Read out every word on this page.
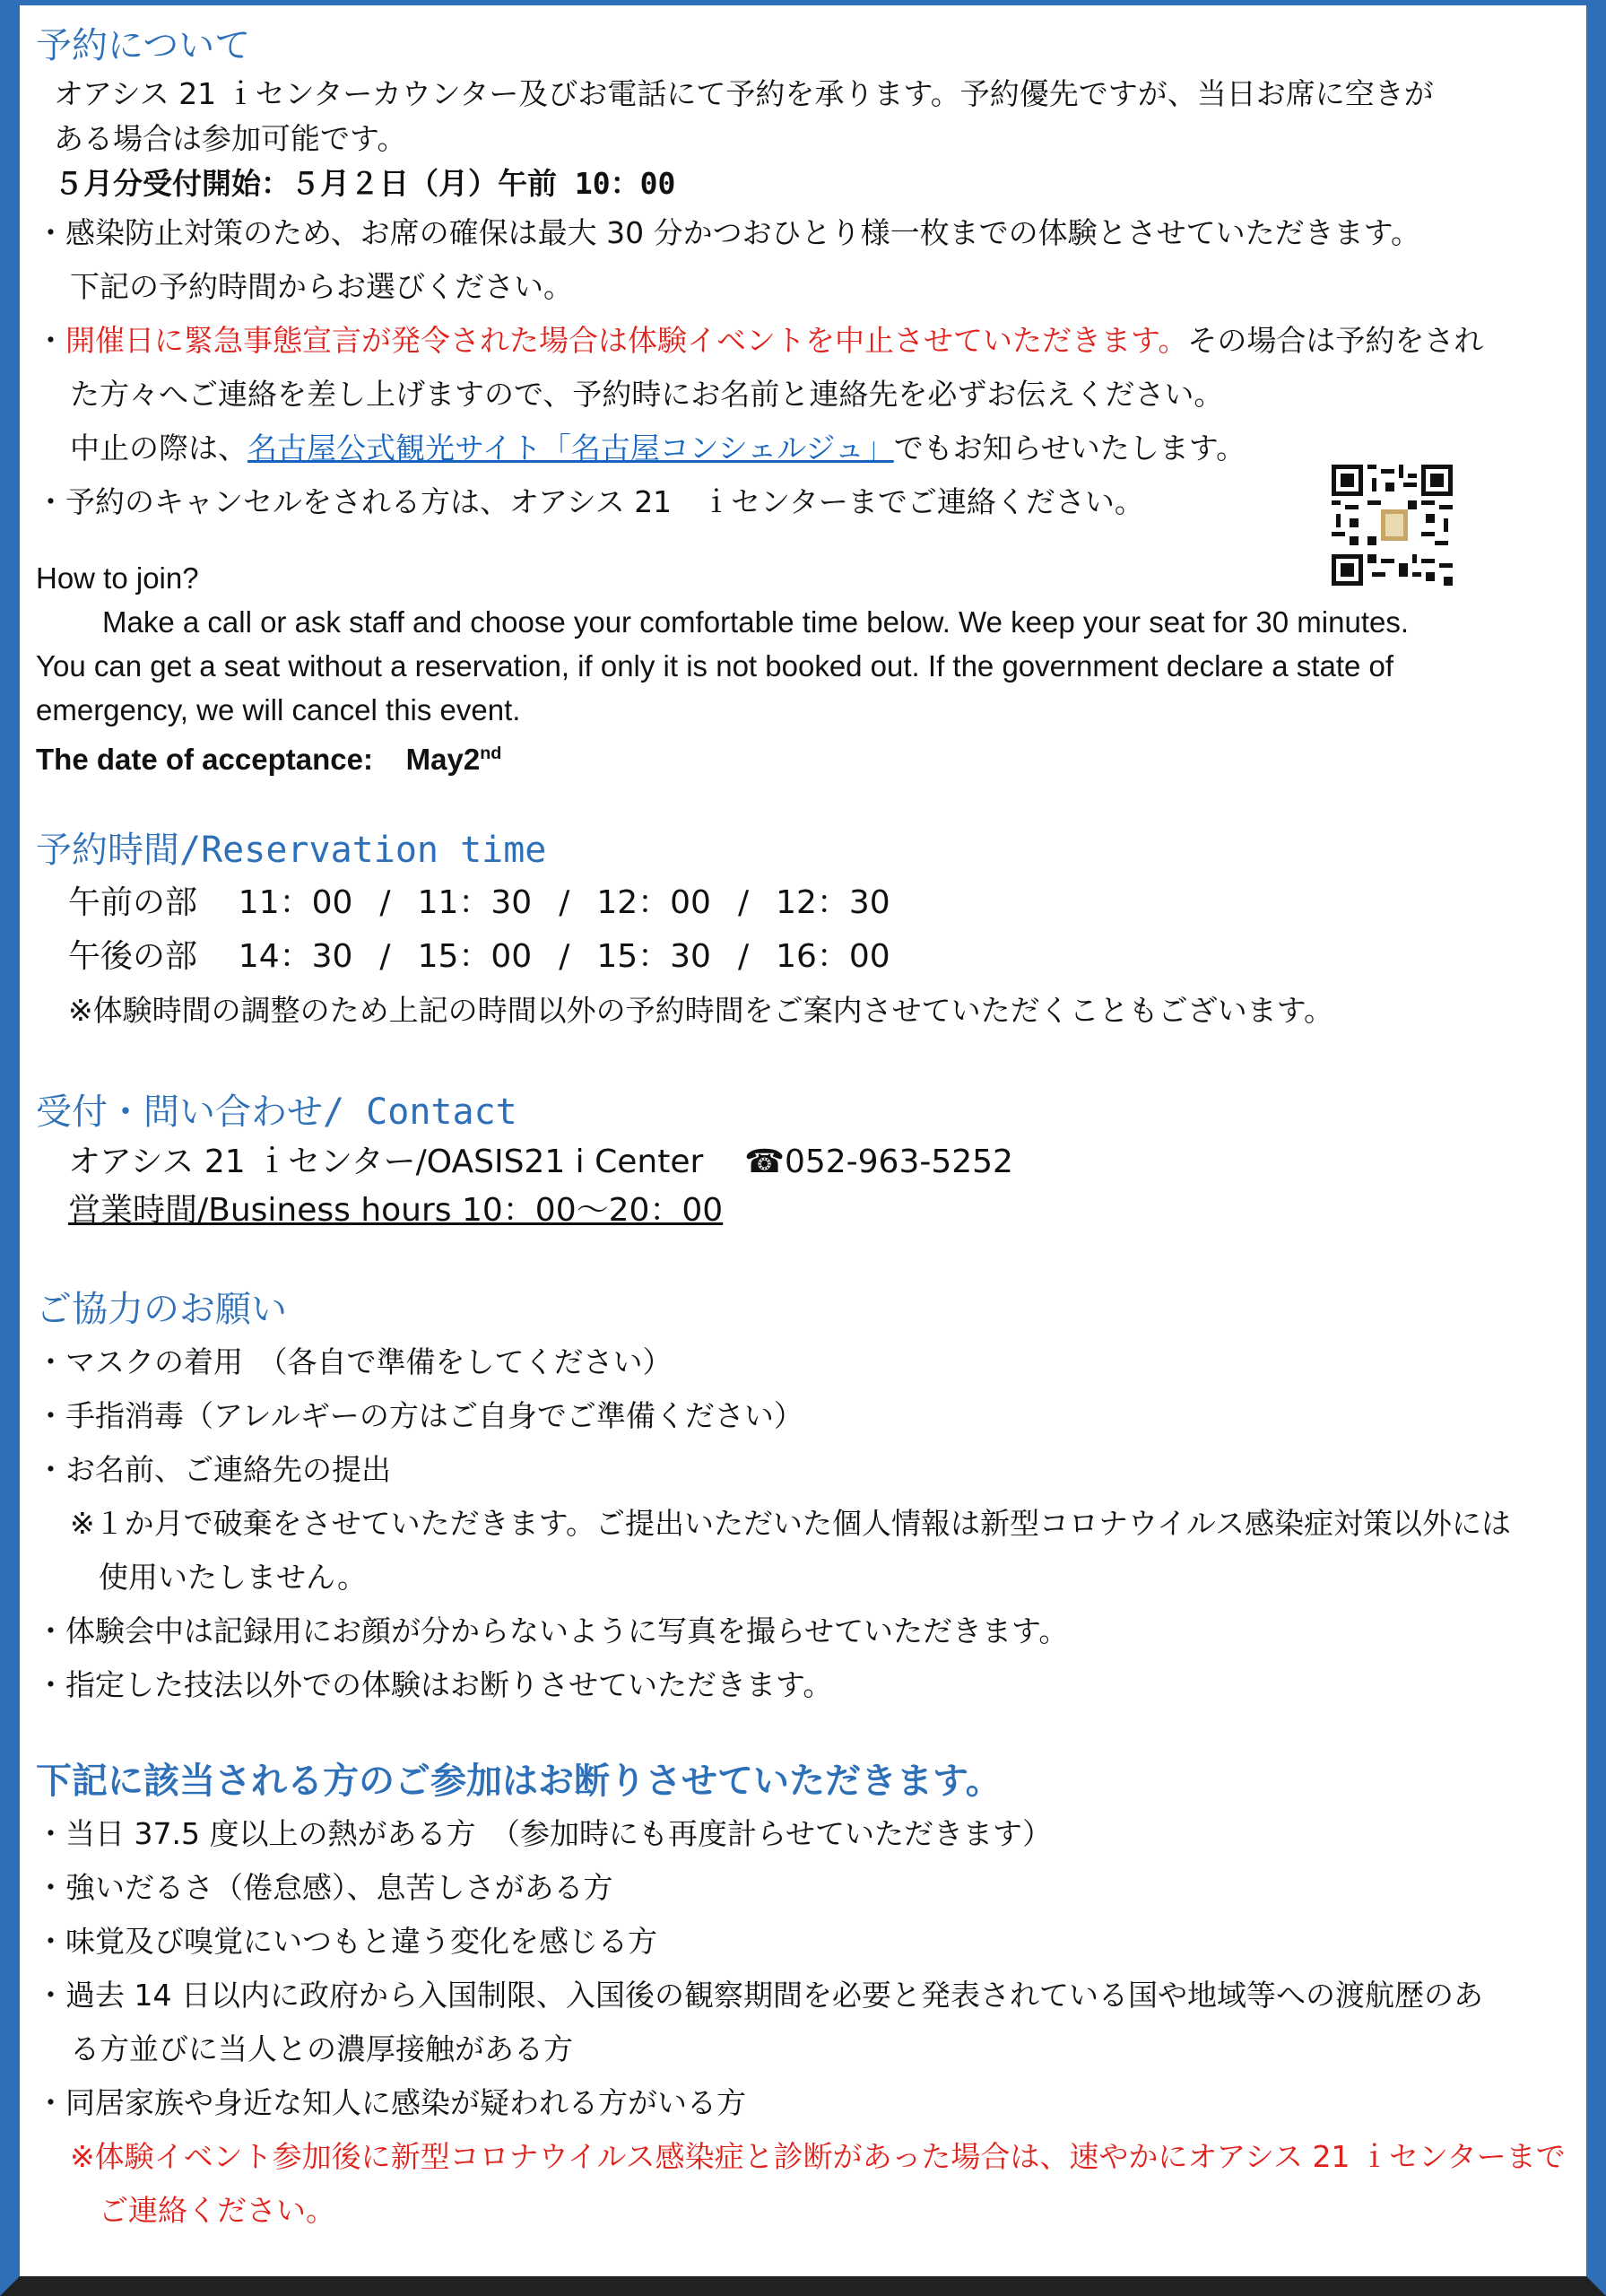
予約について

オアシス 21 ｉセンターカウンター及びお電話にて予約を承ります。予約優先ですが、当日お席に空きが

ある場合は参加可能です。

５月分受付開始：５月２日（月）午前 10：00

・感染防止対策のため、お席の確保は最大 30 分かつおひとり様一枚までの体験とさせていただきます。

下記の予約時間からお選びください。

・開催日に緊急事態宣言が発令された場合は体験イベントを中止させていただきます。その場合は予約をされ

た方々へご連絡を差し上げますので、予約時にお名前と連絡先を必ずお伝えください。

中止の際は、名古屋公式観光サイト「名古屋コンシェルジュ」でもお知らせいたします。

・予約のキャンセルをされる方は、オアシス 21　ｉセンターまでご連絡ください。

How to join?

Make a call or ask staff and choose your comfortable time below. We keep your seat for 30 minutes.

You can get a seat without a reservation, if only it is not booked out. If the government declare a state of

emergency, we will cancel this event.

The date of acceptance: May2nd

予約時間/Reservation time
午前の部 11：00 / 11：30 / 12：00 / 12：30
午後の部 14：30 / 15：00 / 15：30 / 16：00

※体験時間の調整のため上記の時間以外の予約時間をご案内させていただくこともございます。

受付・問い合わせ/ Contact
オアシス 21 ｉセンター/OASIS21 i Center ☎052-963-5252
営業時間/Business hours 10：00～20：00
ご協力のお願い

・マスクの着用　（各自で準備をしてください）

・手指消毒（アレルギーの方はご自身でご準備ください）

・お名前、ご連絡先の提出

※１か月で破棄をさせていただきます。ご提出いただいた個人情報は新型コロナウイルス感染症対策以外には

使用いたしません。

・体験会中は記録用にお顔が分からないように写真を撮らせていただきます。

・指定した技法以外での体験はお断りさせていただきます。

下記に該当される方のご参加はお断りさせていただきます。

・当日 37.5 度以上の熱がある方　（参加時にも再度計らせていただきます）

・強いだるさ（倦怠感）、息苦しさがある方

・味覚及び嗅覚にいつもと違う変化を感じる方

・過去 14 日以内に政府から入国制限、入国後の観察期間を必要と発表されている国や地域等への渡航歴のあ

る方並びに当人との濃厚接触がある方

・同居家族や身近な知人に感染が疑われる方がいる方

※体験イベント参加後に新型コロナウイルス感染症と診断があった場合は、速やかにオアシス 21 ｉセンターまで

ご連絡ください。
